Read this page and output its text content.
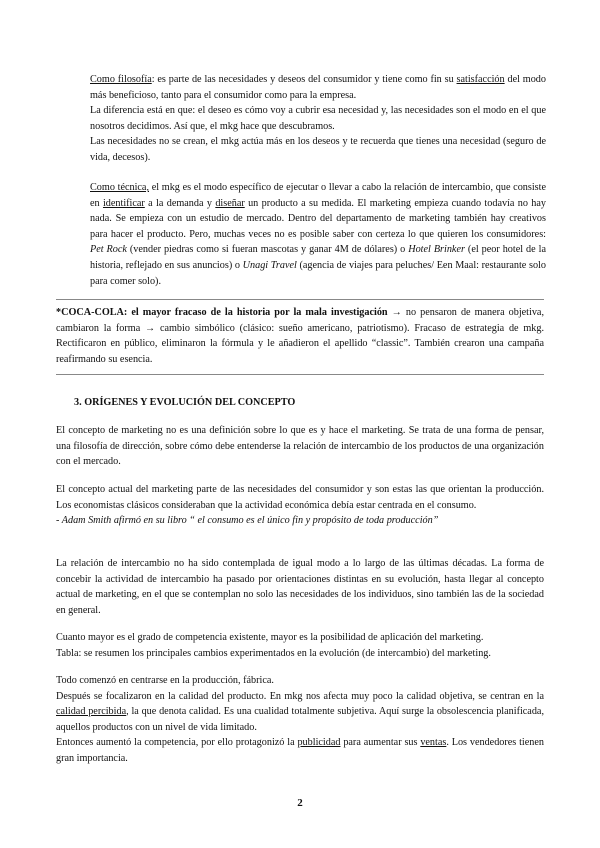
Como filosofía: es parte de las necesidades y deseos del consumidor y tiene como fin su satisfacción del modo más beneficioso, tanto para el consumidor como para la empresa.
La diferencia está en que: el deseo es cómo voy a cubrir esa necesidad y, las necesidades son el modo en el que nosotros decidimos. Así que, el mkg hace que descubramos.
Las necesidades no se crean, el mkg actúa más en los deseos y te recuerda que tienes una necesidad (seguro de vida, decesos).

Como técnica, el mkg es el modo específico de ejecutar o llevar a cabo la relación de intercambio, que consiste en identificar a la demanda y diseñar un producto a su medida. El marketing empieza cuando todavía no hay nada. Se empieza con un estudio de mercado. Dentro del departamento de marketing también hay creativos para hacer el producto. Pero, muchas veces no es posible saber con certeza lo que quieren los consumidores: Pet Rock (vender piedras como si fueran mascotas y ganar 4M de dólares) o Hotel Brinker (el peor hotel de la historia, reflejado en sus anuncios) o Unagi Travel (agencia de viajes para peluches/ Een Maal: restaurante solo para comer solo).

*COCA-COLA: el mayor fracaso de la historia por la mala investigación → no pensaron de manera objetiva, cambiaron la forma → cambio simbólico (clásico: sueño americano, patriotismo). Fracaso de estrategia de mkg. Rectificaron en público, eliminaron la fórmula y le añadieron el apellido “classic”. También crearon una campaña reafirmando su esencia.

3. ORÍGENES Y EVOLUCIÓN DEL CONCEPTO

El concepto de marketing no es una definición sobre lo que es y hace el marketing. Se trata de una forma de pensar, una filosofía de dirección, sobre cómo debe entenderse la relación de intercambio de los productos de una organización con el mercado.

El concepto actual del marketing parte de las necesidades del consumidor y son estas las que orientan la producción. Los economistas clásicos consideraban que la actividad económica debía estar centrada en el consumo.
- Adam Smith afirmó en su libro “ el consumo es el único fin y propósito de toda producción”

La relación de intercambio no ha sido contemplada de igual modo a lo largo de las últimas décadas. La forma de concebir la actividad de intercambio ha pasado por orientaciones distintas en su evolución, hasta llegar al concepto actual de marketing, en el que se contemplan no solo las necesidades de los individuos, sino también las de la sociedad en general.

Cuanto mayor es el grado de competencia existente, mayor es la posibilidad de aplicación del marketing.
Tabla: se resumen los principales cambios experimentados en la evolución (de intercambio) del marketing.

Todo comenzó en centrarse en la producción, fábrica.
Después se focalizaron en la calidad del producto. En mkg nos afecta muy poco la calidad objetiva, se centran en la calidad percibida, la que denota calidad. Es una cualidad totalmente subjetiva. Aquí surge la obsolescencia planificada, aquellos productos con un nivel de vida limitado.
Entonces aumentó la competencia, por ello protagonizó la publicidad para aumentar sus ventas. Los vendedores tienen gran importancia.

2
